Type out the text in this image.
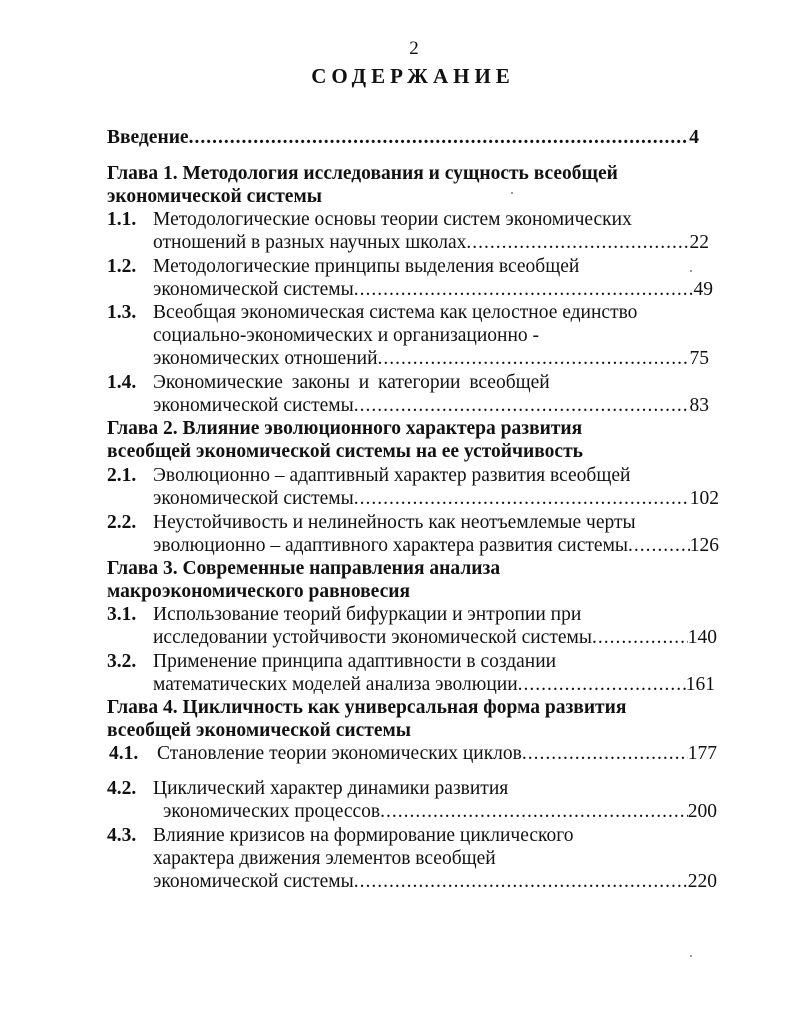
2
СОДЕРЖАНИЕ
Введение .....	4
Глава 1. Методология исследования и сущность всеобщей
экономической системы
1.1. Методологические основы теории систем экономических
отношений в разных научных школах .....	22
1.2. Методологические принципы выделения всеобщей
экономической системы .....	49
1.3. Всеобщая экономическая система как целостное единство
социально-экономических и организационно -
экономических отношений .....	75
1.4. Экономические законы и категории всеобщей
экономической системы .....	83
Глава 2. Влияние эволюционного характера развития
всеобщей экономической системы на ее устойчивость
2.1. Эволюционно – адаптивный характер развития всеобщей
экономической системы .....	102
2.2. Неустойчивость и нелинейность как неотъемлемые черты
эволюционно – адаптивного характера развития системы .....	126
Глава 3. Современные направления анализа
макроэкономического равновесия
3.1. Использование теорий бифуркации и энтропии при
исследовании устойчивости экономической системы .....	140
3.2. Применение принципа адаптивности в создании
математических моделей анализа эволюции .....	161
Глава 4. Цикличность как универсальная форма развития
всеобщей экономической системы
4.1. Становление теории экономических циклов .....	177
4.2. Циклический характер динамики развития
экономических процессов .....	200
4.3. Влияние кризисов на формирование циклического
характера движения элементов всеобщей
экономической системы .....	220
